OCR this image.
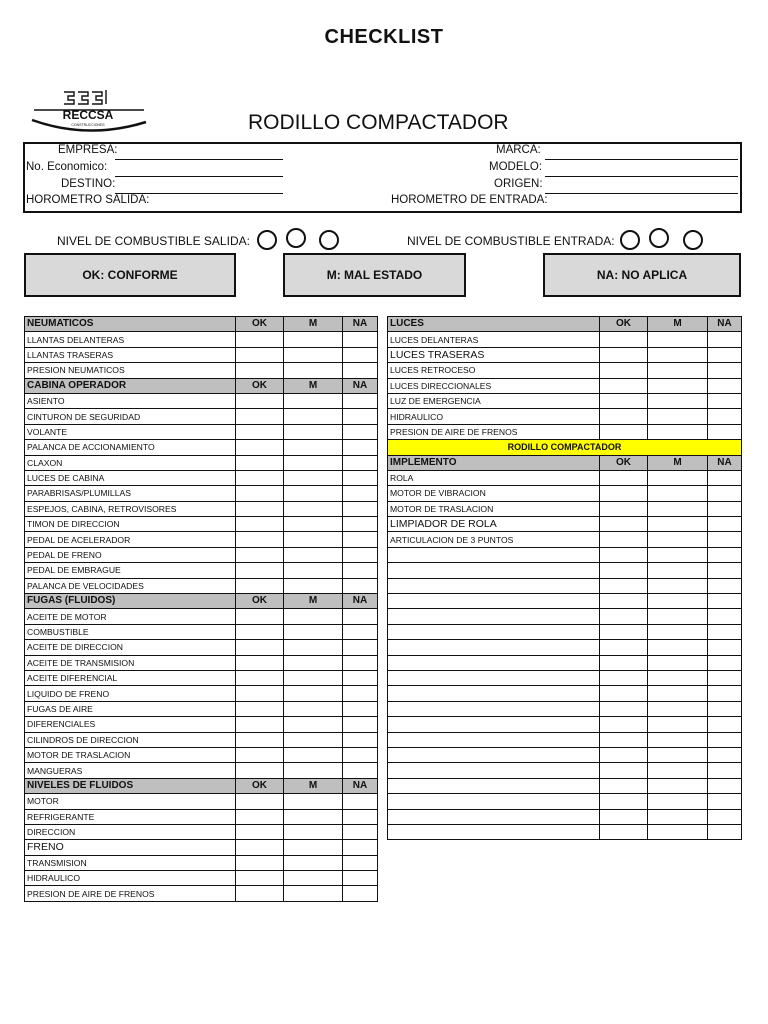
CHECKLIST
RECCSA
CONSTRUCCIONES	RODILLO COMPACTADOR
EMPRESA:
No. Economico:
DESTINO:
HOROMETRO SALIDA:
MARCA:
MODELO:
ORIGEN:
HOROMETRO DE ENTRADA:
NIVEL DE COMBUSTIBLE SALIDA:	NIVEL DE COMBUSTIBLE ENTRADA:
OK: CONFORME	M: MAL ESTADO	NA: NO APLICA
NEUMATICOS	OK	M	NA
LLANTAS DELANTERAS			
LLANTAS TRASERAS			
PRESION NEUMATICOS			
CABINA OPERADOR	OK	M	NA
ASIENTO			
CINTURON DE SEGURIDAD			
VOLANTE			
PALANCA DE ACCIONAMIENTO			
CLAXON			
LUCES DE CABINA			
PARABRISAS/PLUMILLAS			
ESPEJOS, CABINA, RETROVISORES			
TIMON DE DIRECCION			
PEDAL DE ACELERADOR			
PEDAL DE FRENO			
PEDAL DE EMBRAGUE			
PALANCA DE VELOCIDADES			
FUGAS (FLUIDOS)	OK	M	NA
ACEITE DE MOTOR			
COMBUSTIBLE			
ACEITE DE DIRECCION			
ACEITE DE TRANSMISION			
ACEITE DIFERENCIAL			
LIQUIDO DE FRENO			
FUGAS DE AIRE			
DIFERENCIALES			
CILINDROS DE DIRECCION			
MOTOR DE TRASLACION			
MANGUERAS			
NIVELES DE FLUIDOS	OK	M	NA
MOTOR			
REFRIGERANTE			
DIRECCION			
FRENO			
TRANSMISION			
HIDRAULICO			
PRESION DE AIRE DE FRENOS			
LUCES	OK	M	NA
LUCES DELANTERAS			
LUCES TRASERAS			
LUCES RETROCESO			
LUCES DIRECCIONALES			
LUZ DE EMERGENCIA			
HIDRAULICO			
PRESION DE AIRE DE FRENOS			
RODILLO COMPACTADOR			
IMPLEMENTO	OK	M	NA
ROLA			
MOTOR DE VIBRACION			
MOTOR DE TRASLACION			
LIMPIADOR DE ROLA			
ARTICULACION DE 3 PUNTOS			
